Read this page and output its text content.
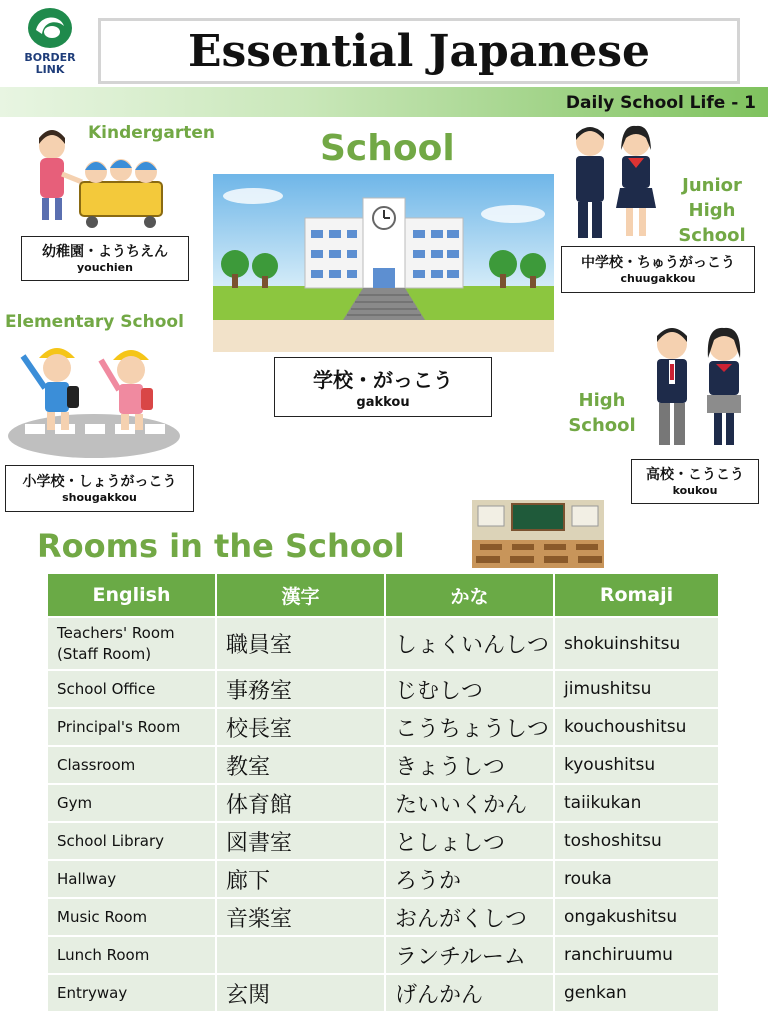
BORDER
LINK	Essential Japanese
Daily School Life - 1
Kindergarten
幼稚園・ようちえん
youchien
School
学校・がっこう
gakkou
Junior High
School
中学校・ちゅうがっこう
chuugakkou
Elementary School
小学校・しょうがっこう
shougakkou
High
School
高校・こうこう
koukou
Rooms in the School
English	漢字	かな	Romaji
Teachers' Room (Staff Room)	職員室	しょくいんしつ	shokuinshitsu
School Office	事務室	じむしつ	jimushitsu
Principal's Room	校長室	こうちょうしつ	kouchoushitsu
Classroom	教室	きょうしつ	kyoushitsu
Gym	体育館	たいいくかん	taiikukan
School Library	図書室	としょしつ	toshoshitsu
Hallway	廊下	ろうか	rouka
Music Room	音楽室	おんがくしつ	ongakushitsu
Lunch Room		ランチルーム	ranchiruumu
Entryway	玄関	げんかん	genkan
